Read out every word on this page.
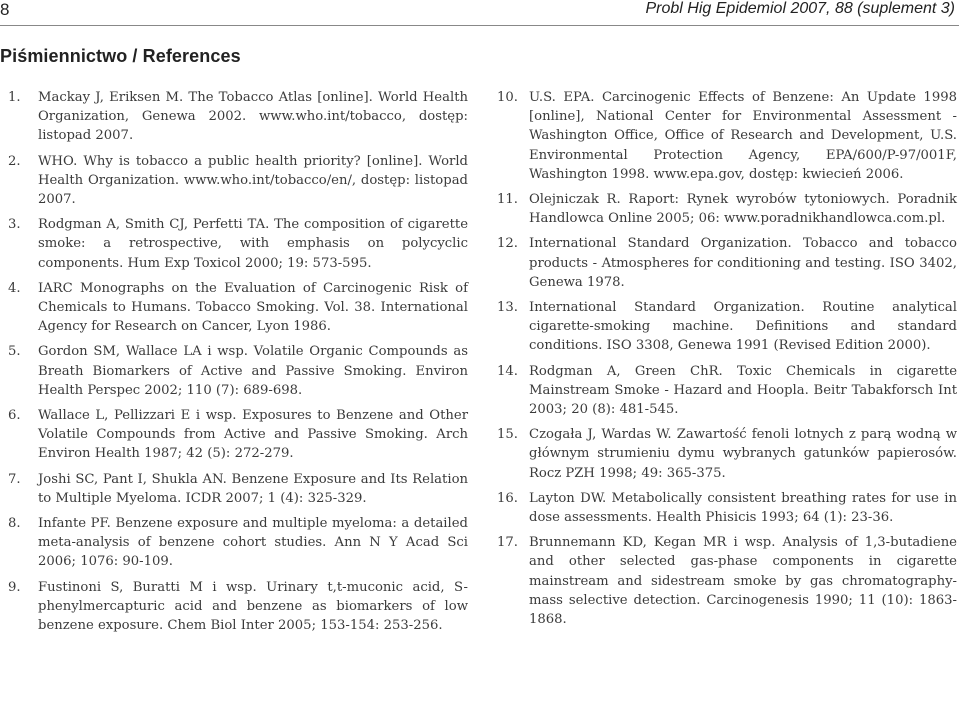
8	Probl Hig Epidemiol 2007, 88 (suplement 3)
Piśmiennictwo / References
1. Mackay J, Eriksen M. The Tobacco Atlas [online]. World Health Organization, Genewa 2002. www.who.int/tobacco, dostęp: listopad 2007.
2. WHO. Why is tobacco a public health priority? [online]. World Health Organization. www.who.int/tobacco/en/, dostęp: listopad 2007.
3. Rodgman A, Smith CJ, Perfetti TA. The composition of cigarette smoke: a retrospective, with emphasis on polycyclic components. Hum Exp Toxicol 2000; 19: 573-595.
4. IARC Monographs on the Evaluation of Carcinogenic Risk of Chemicals to Humans. Tobacco Smoking. Vol. 38. International Agency for Research on Cancer, Lyon 1986.
5. Gordon SM, Wallace LA i wsp. Volatile Organic Compounds as Breath Biomarkers of Active and Passive Smoking. Environ Health Perspec 2002; 110 (7): 689-698.
6. Wallace L, Pellizzari E i wsp. Exposures to Benzene and Other Volatile Compounds from Active and Passive Smoking. Arch Environ Health 1987; 42 (5): 272-279.
7. Joshi SC, Pant I, Shukla AN. Benzene Exposure and Its Relation to Multiple Myeloma. ICDR 2007; 1 (4): 325-329.
8. Infante PF. Benzene exposure and multiple myeloma: a detailed meta-analysis of benzene cohort studies. Ann N Y Acad Sci 2006; 1076: 90-109.
9. Fustinoni S, Buratti M i wsp. Urinary t,t-muconic acid, S-phenylmercapturic acid and benzene as biomarkers of low benzene exposure. Chem Biol Inter 2005; 153-154: 253-256.
10. U.S. EPA. Carcinogenic Effects of Benzene: An Update 1998 [online], National Center for Environmental Assessment - Washington Office, Office of Research and Development, U.S. Environmental Protection Agency, EPA/600/P-97/001F, Washington 1998. www.epa.gov, dostęp: kwiecień 2006.
11. Olejniczak R. Raport: Rynek wyrobów tytoniowych. Poradnik Handlowca Online 2005; 06: www.poradnikhandlowca.com.pl.
12. International Standard Organization. Tobacco and tobacco products - Atmospheres for conditioning and testing. ISO 3402, Genewa 1978.
13. International Standard Organization. Routine analytical cigarette-smoking machine. Definitions and standard conditions. ISO 3308, Genewa 1991 (Revised Edition 2000).
14. Rodgman A, Green ChR. Toxic Chemicals in cigarette Mainstream Smoke - Hazard and Hoopla. Beitr Tabakforsch Int 2003; 20 (8): 481-545.
15. Czogała J, Wardas W. Zawartość fenoli lotnych z parą wodną w głównym strumieniu dymu wybranych gatunków papierosów. Rocz PZH 1998; 49: 365-375.
16. Layton DW. Metabolically consistent breathing rates for use in dose assessments. Health Phisicis 1993; 64 (1): 23-36.
17. Brunnemann KD, Kegan MR i wsp. Analysis of 1,3-butadiene and other selected gas-phase components in cigarette mainstream and sidestream smoke by gas chromatography-mass selective detection. Carcinogenesis 1990; 11 (10): 1863-1868.
